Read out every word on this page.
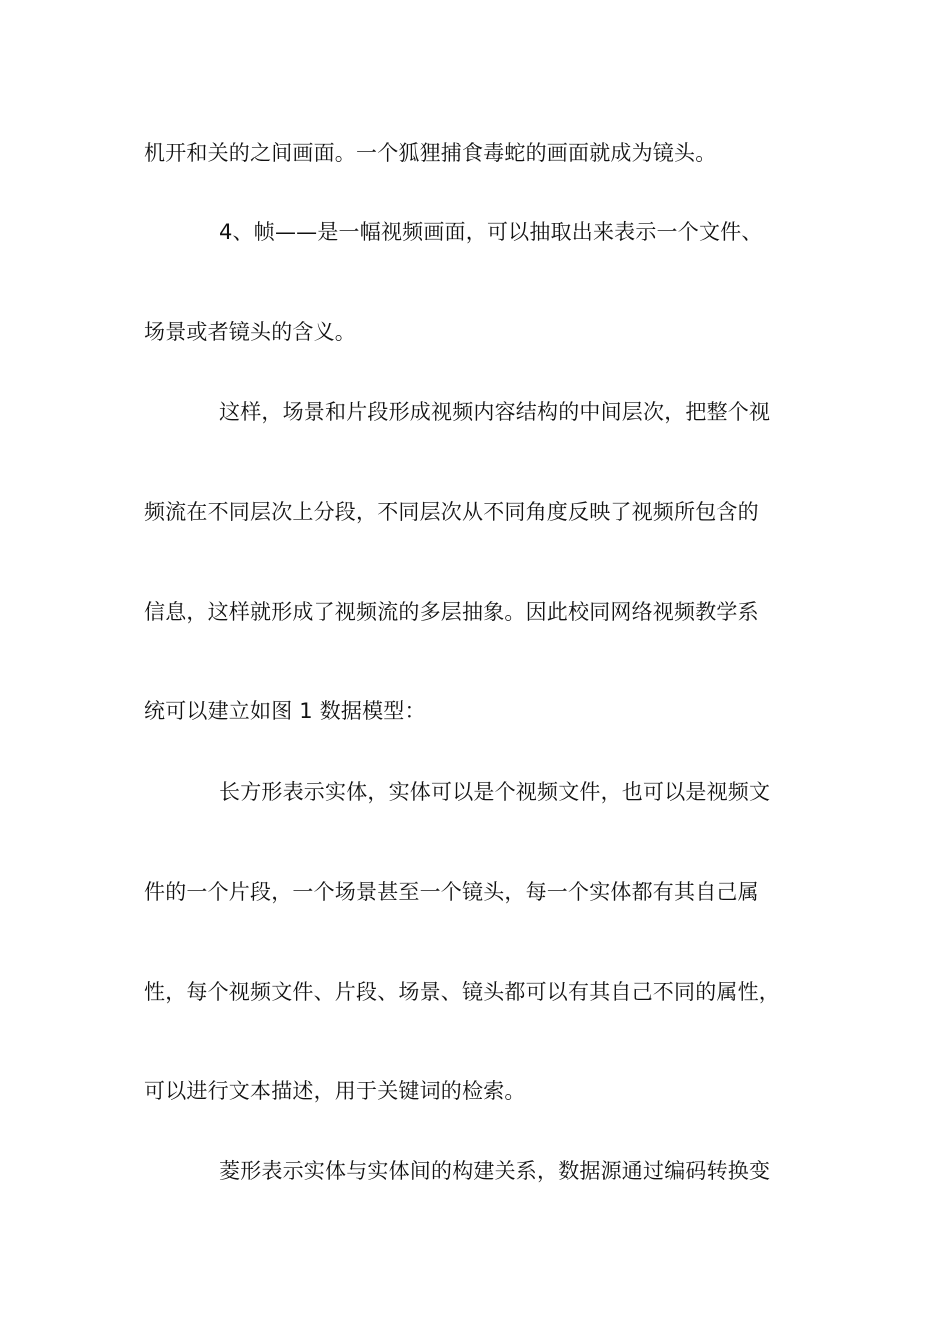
机开和关的之间画面。一个狐狸捕食毒蛇的画面就成为镜头。
4、帧——是一幅视频画面，可以抽取出来表示一个文件、
场景或者镜头的含义。
这样，场景和片段形成视频内容结构的中间层次，把整个视
频流在不同层次上分段，不同层次从不同角度反映了视频所包含的
信息，这样就形成了视频流的多层抽象。因此校同网络视频教学系
统可以建立如图 1 数据模型：
长方形表示实体，实体可以是个视频文件，也可以是视频文
件的一个片段，一个场景甚至一个镜头，每一个实体都有其自己属
性，每个视频文件、片段、场景、镜头都可以有其自己不同的属性，
可以进行文本描述，用于关键词的检索。
菱形表示实体与实体间的构建关系，数据源通过编码转换变
